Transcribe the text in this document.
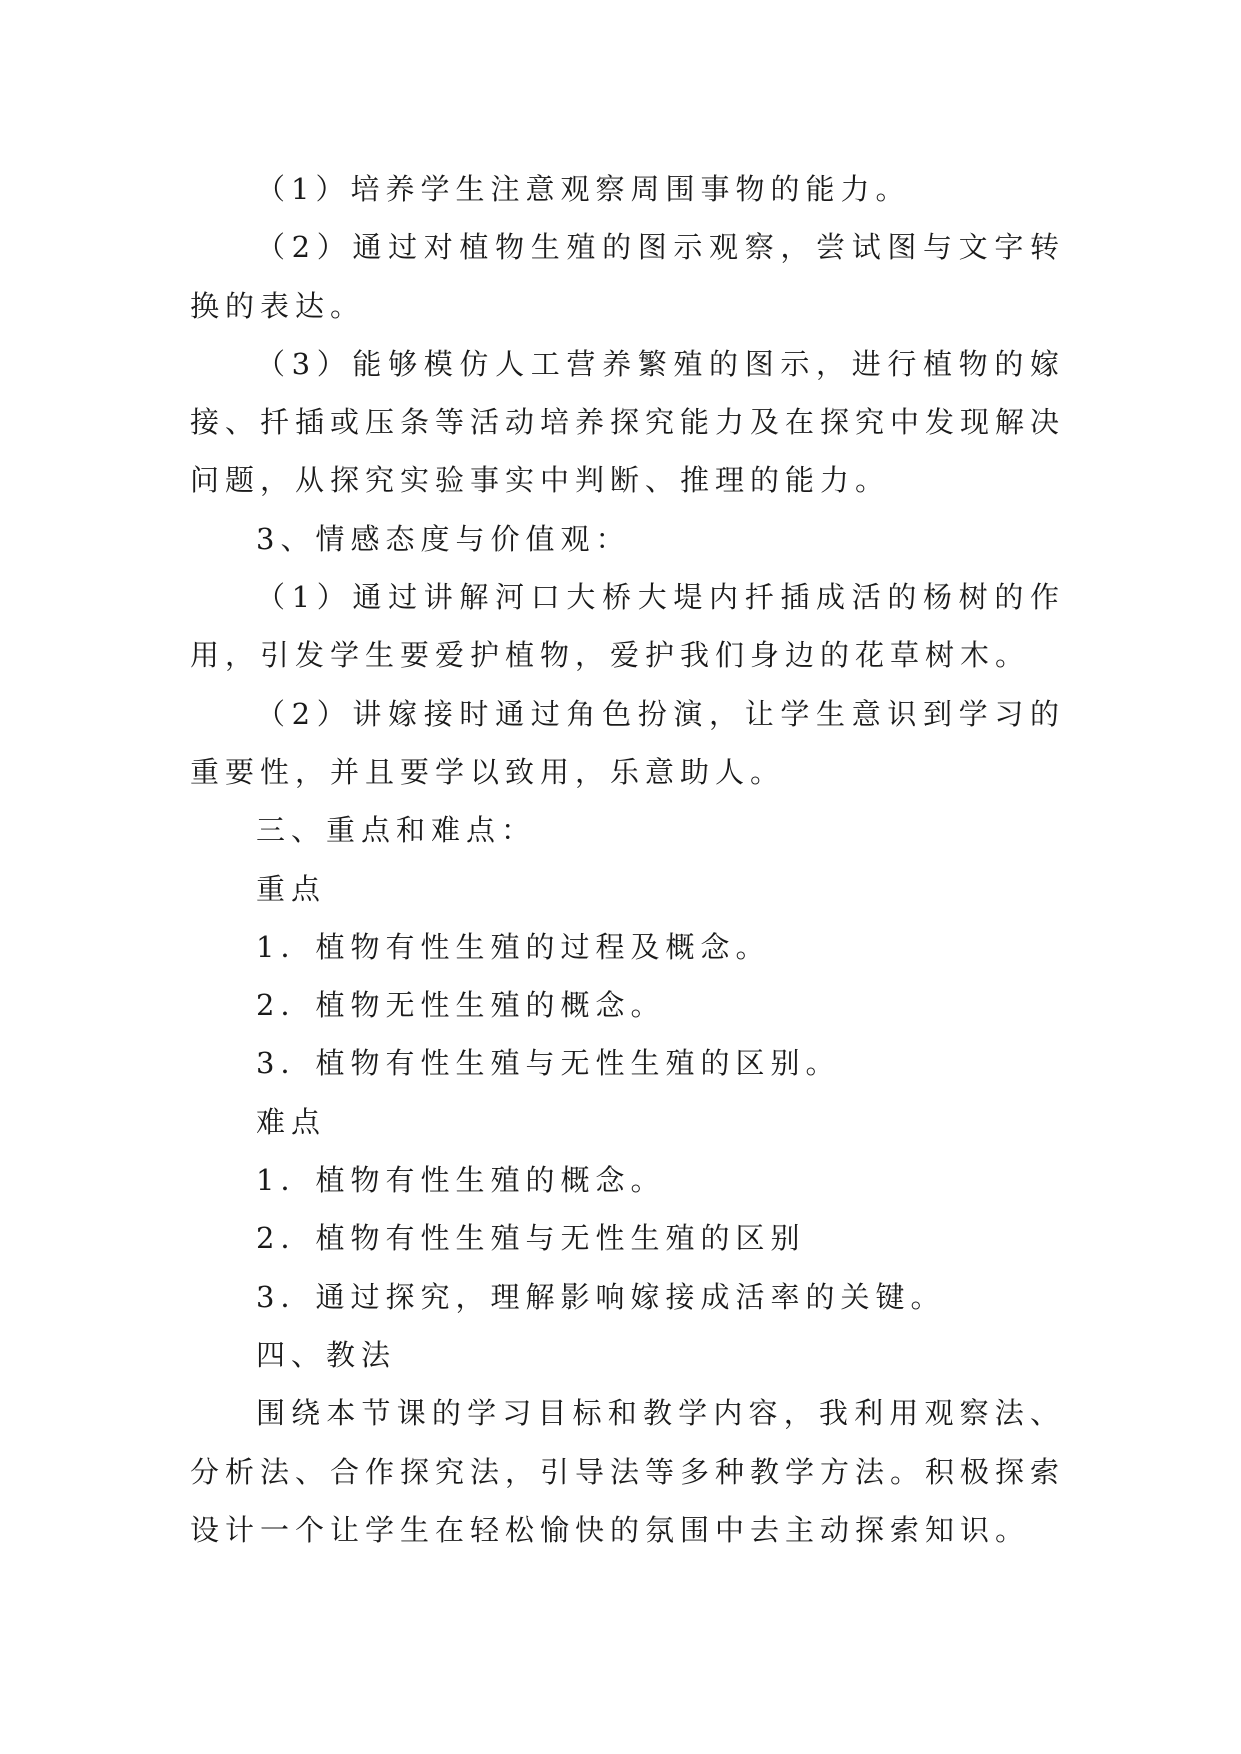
（1）培养学生注意观察周围事物的能力。

（2）通过对植物生殖的图示观察，尝试图与文字转换的表达。

（3）能够模仿人工营养繁殖的图示，进行植物的嫁接、扦插或压条等活动培养探究能力及在探究中发现解决问题，从探究实验事实中判断、推理的能力。

3、情感态度与价值观：

（1）通过讲解河口大桥大堤内扦插成活的杨树的作用，引发学生要爱护植物，爱护我们身边的花草树木。

（2）讲嫁接时通过角色扮演，让学生意识到学习的重要性，并且要学以致用，乐意助人。

三、重点和难点：

重点

1．植物有性生殖的过程及概念。

2．植物无性生殖的概念。

3．植物有性生殖与无性生殖的区别。

难点

1．植物有性生殖的概念。

2．植物有性生殖与无性生殖的区别

3．通过探究，理解影响嫁接成活率的关键。

四、教法

围绕本节课的学习目标和教学内容，我利用观察法、分析法、合作探究法，引导法等多种教学方法。积极探索设计一个让学生在轻松愉快的氛围中去主动探索知识。
